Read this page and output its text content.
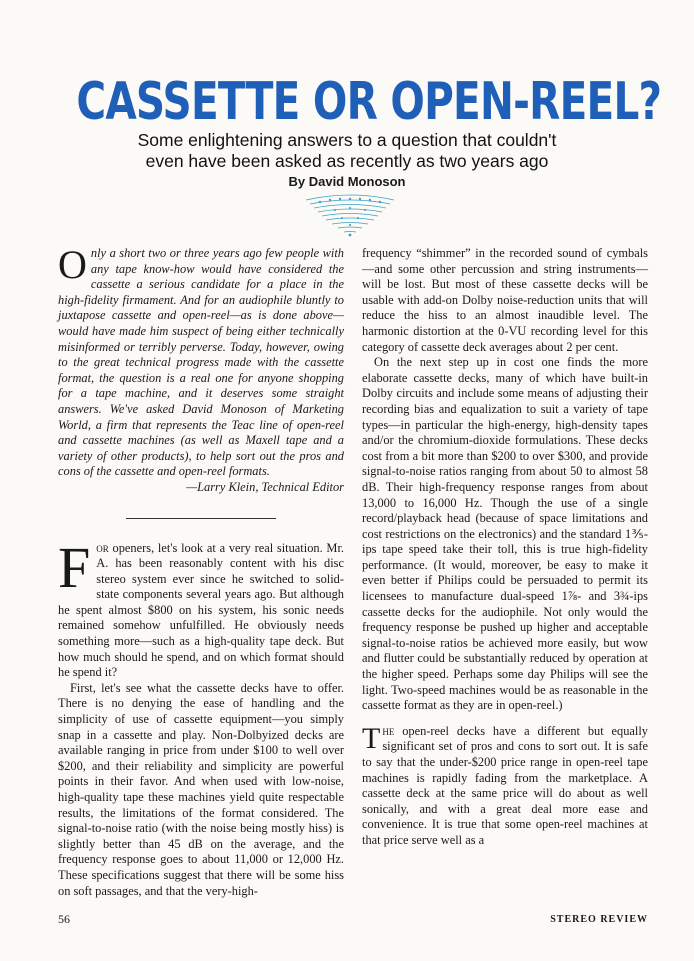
CASSETTE OR OPEN-REEL?
Some enlightening answers to a question that couldn't
even have been asked as recently as two years ago
By David Monoson
Only a short two or three years ago few people with any tape know-how would have considered the cassette a serious candidate for a place in the high-fidelity firmament. And for an audiophile bluntly to juxtapose cassette and open-reel—as is done above—would have made him suspect of being either technically misinformed or terribly perverse. Today, however, owing to the great technical progress made with the cassette format, the question is a real one for anyone shopping for a tape machine, and it deserves some straight answers. We've asked David Monoson of Marketing World, a firm that represents the Teac line of open-reel and cassette machines (as well as Maxell tape and a variety of other products), to help sort out the pros and cons of the cassette and open-reel formats.

—Larry Klein, Technical Editor

For openers, let's look at a very real situation. Mr. A. has been reasonably content with his disc stereo system ever since he switched to solid-state components several years ago. But although he spent almost $800 on his system, his sonic needs remained somehow unfulfilled. He obviously needs something more—such as a high-quality tape deck. But how much should he spend, and on which format should he spend it?

First, let's see what the cassette decks have to offer. There is no denying the ease of handling and the simplicity of use of cassette equipment—you simply snap in a cassette and play. Non-Dolbyized decks are available ranging in price from under $100 to well over $200, and their reliability and simplicity are powerful points in their favor. And when used with low-noise, high-quality tape these machines yield quite respectable results, the limitations of the format considered. The signal-to-noise ratio (with the noise being mostly hiss) is slightly better than 45 dB on the average, and the frequency response goes to about 11,000 or 12,000 Hz. These specifications suggest that there will be some hiss on soft passages, and that the very-high-

frequency “shimmer” in the recorded sound of cymbals—and some other percussion and string instruments—will be lost. But most of these cassette decks will be usable with add-on Dolby noise-reduction units that will reduce the hiss to an almost inaudible level. The harmonic distortion at the 0-VU recording level for this category of cassette deck averages about 2 per cent.

On the next step up in cost one finds the more elaborate cassette decks, many of which have built-in Dolby circuits and include some means of adjusting their recording bias and equalization to suit a variety of tape types—in particular the high-energy, high-density tapes and/or the chromium-dioxide formulations. These decks cost from a bit more than $200 to over $300, and provide signal-to-noise ratios ranging from about 50 to almost 58 dB. Their high-frequency response ranges from about 13,000 to 16,000 Hz. Though the use of a single record/playback head (because of space limitations and cost restrictions on the electronics) and the standard 1⅗-ips tape speed take their toll, this is true high-fidelity performance. (It would, moreover, be easy to make it even better if Philips could be persuaded to permit its licensees to manufacture dual-speed 1⅞- and 3¾-ips cassette decks for the audiophile. Not only would the frequency response be pushed up higher and acceptable signal-to-noise ratios be achieved more easily, but wow and flutter could be substantially reduced by operation at the higher speed. Perhaps some day Philips will see the light. Two-speed machines would be as reasonable in the cassette format as they are in open-reel.)

The open-reel decks have a different but equally significant set of pros and cons to sort out. It is safe to say that the under-$200 price range in open-reel tape machines is rapidly fading from the marketplace. A cassette deck at the same price will do about as well sonically, and with a great deal more ease and convenience. It is true that some open-reel machines at that price serve well as a

56	STEREO REVIEW
